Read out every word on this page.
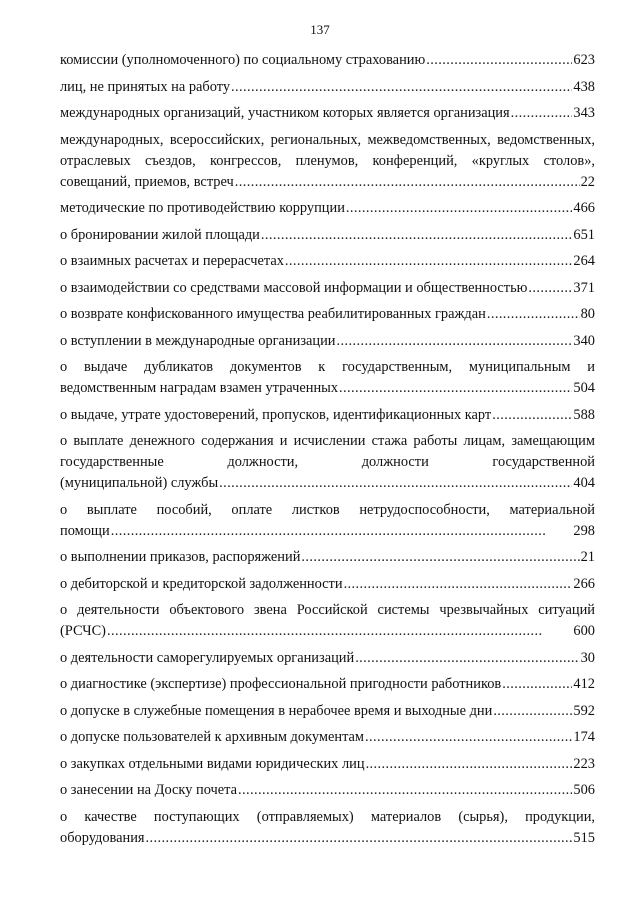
137

комиссии (уполномоченного) по социальному страхованию . . .	623

лиц, не принятых на работу . . .	438

международных организаций, участником которых является организация . . .	343

международных, всероссийских, региональных, межведомственных, ведомственных, отраслевых съездов, конгрессов, пленумов, конференций, «круглых столов»,
совещаний, приемов, встреч . . .	22

методические по противодействию коррупции . . .	466

о бронировании жилой площади . . .	651

о взаимных расчетах и перерасчетах . . .	264

о взаимодействии со средствами массовой информации и общественностью . . .	371

о возврате конфискованного имущества реабилитированных граждан . . .	80

о вступлении в международные организации . . .	340

о выдаче дубликатов документов к государственным, муниципальным и
ведомственным наградам взамен утраченных . . .	504

о выдаче, утрате удостоверений, пропусков, идентификационных карт . . .	588

о выплате денежного содержания и исчислении стажа работы лицам, замещающим государственные должности, должности государственной
(муниципальной) службы . . .	404

о выплате пособий, оплате листков нетрудоспособности, материальной
помощи . . .	298

о выполнении приказов, распоряжений . . .	21

о дебиторской и кредиторской задолженности . . .	266

о деятельности объектового звена Российской системы чрезвычайных ситуаций
(РСЧС) . . .	600

о деятельности саморегулируемых организаций . . .	30

о диагностике (экспертизе) профессиональной пригодности работников . . .	412

о допуске в служебные помещения в нерабочее время и выходные дни . . .	592

о допуске пользователей к архивным документам . . .	174

о закупках отдельными видами юридических лиц . . .	223

о занесении на Доску почета . . .	506

о качестве поступающих (отправляемых) материалов (сырья), продукции,
оборудования . . .	515
